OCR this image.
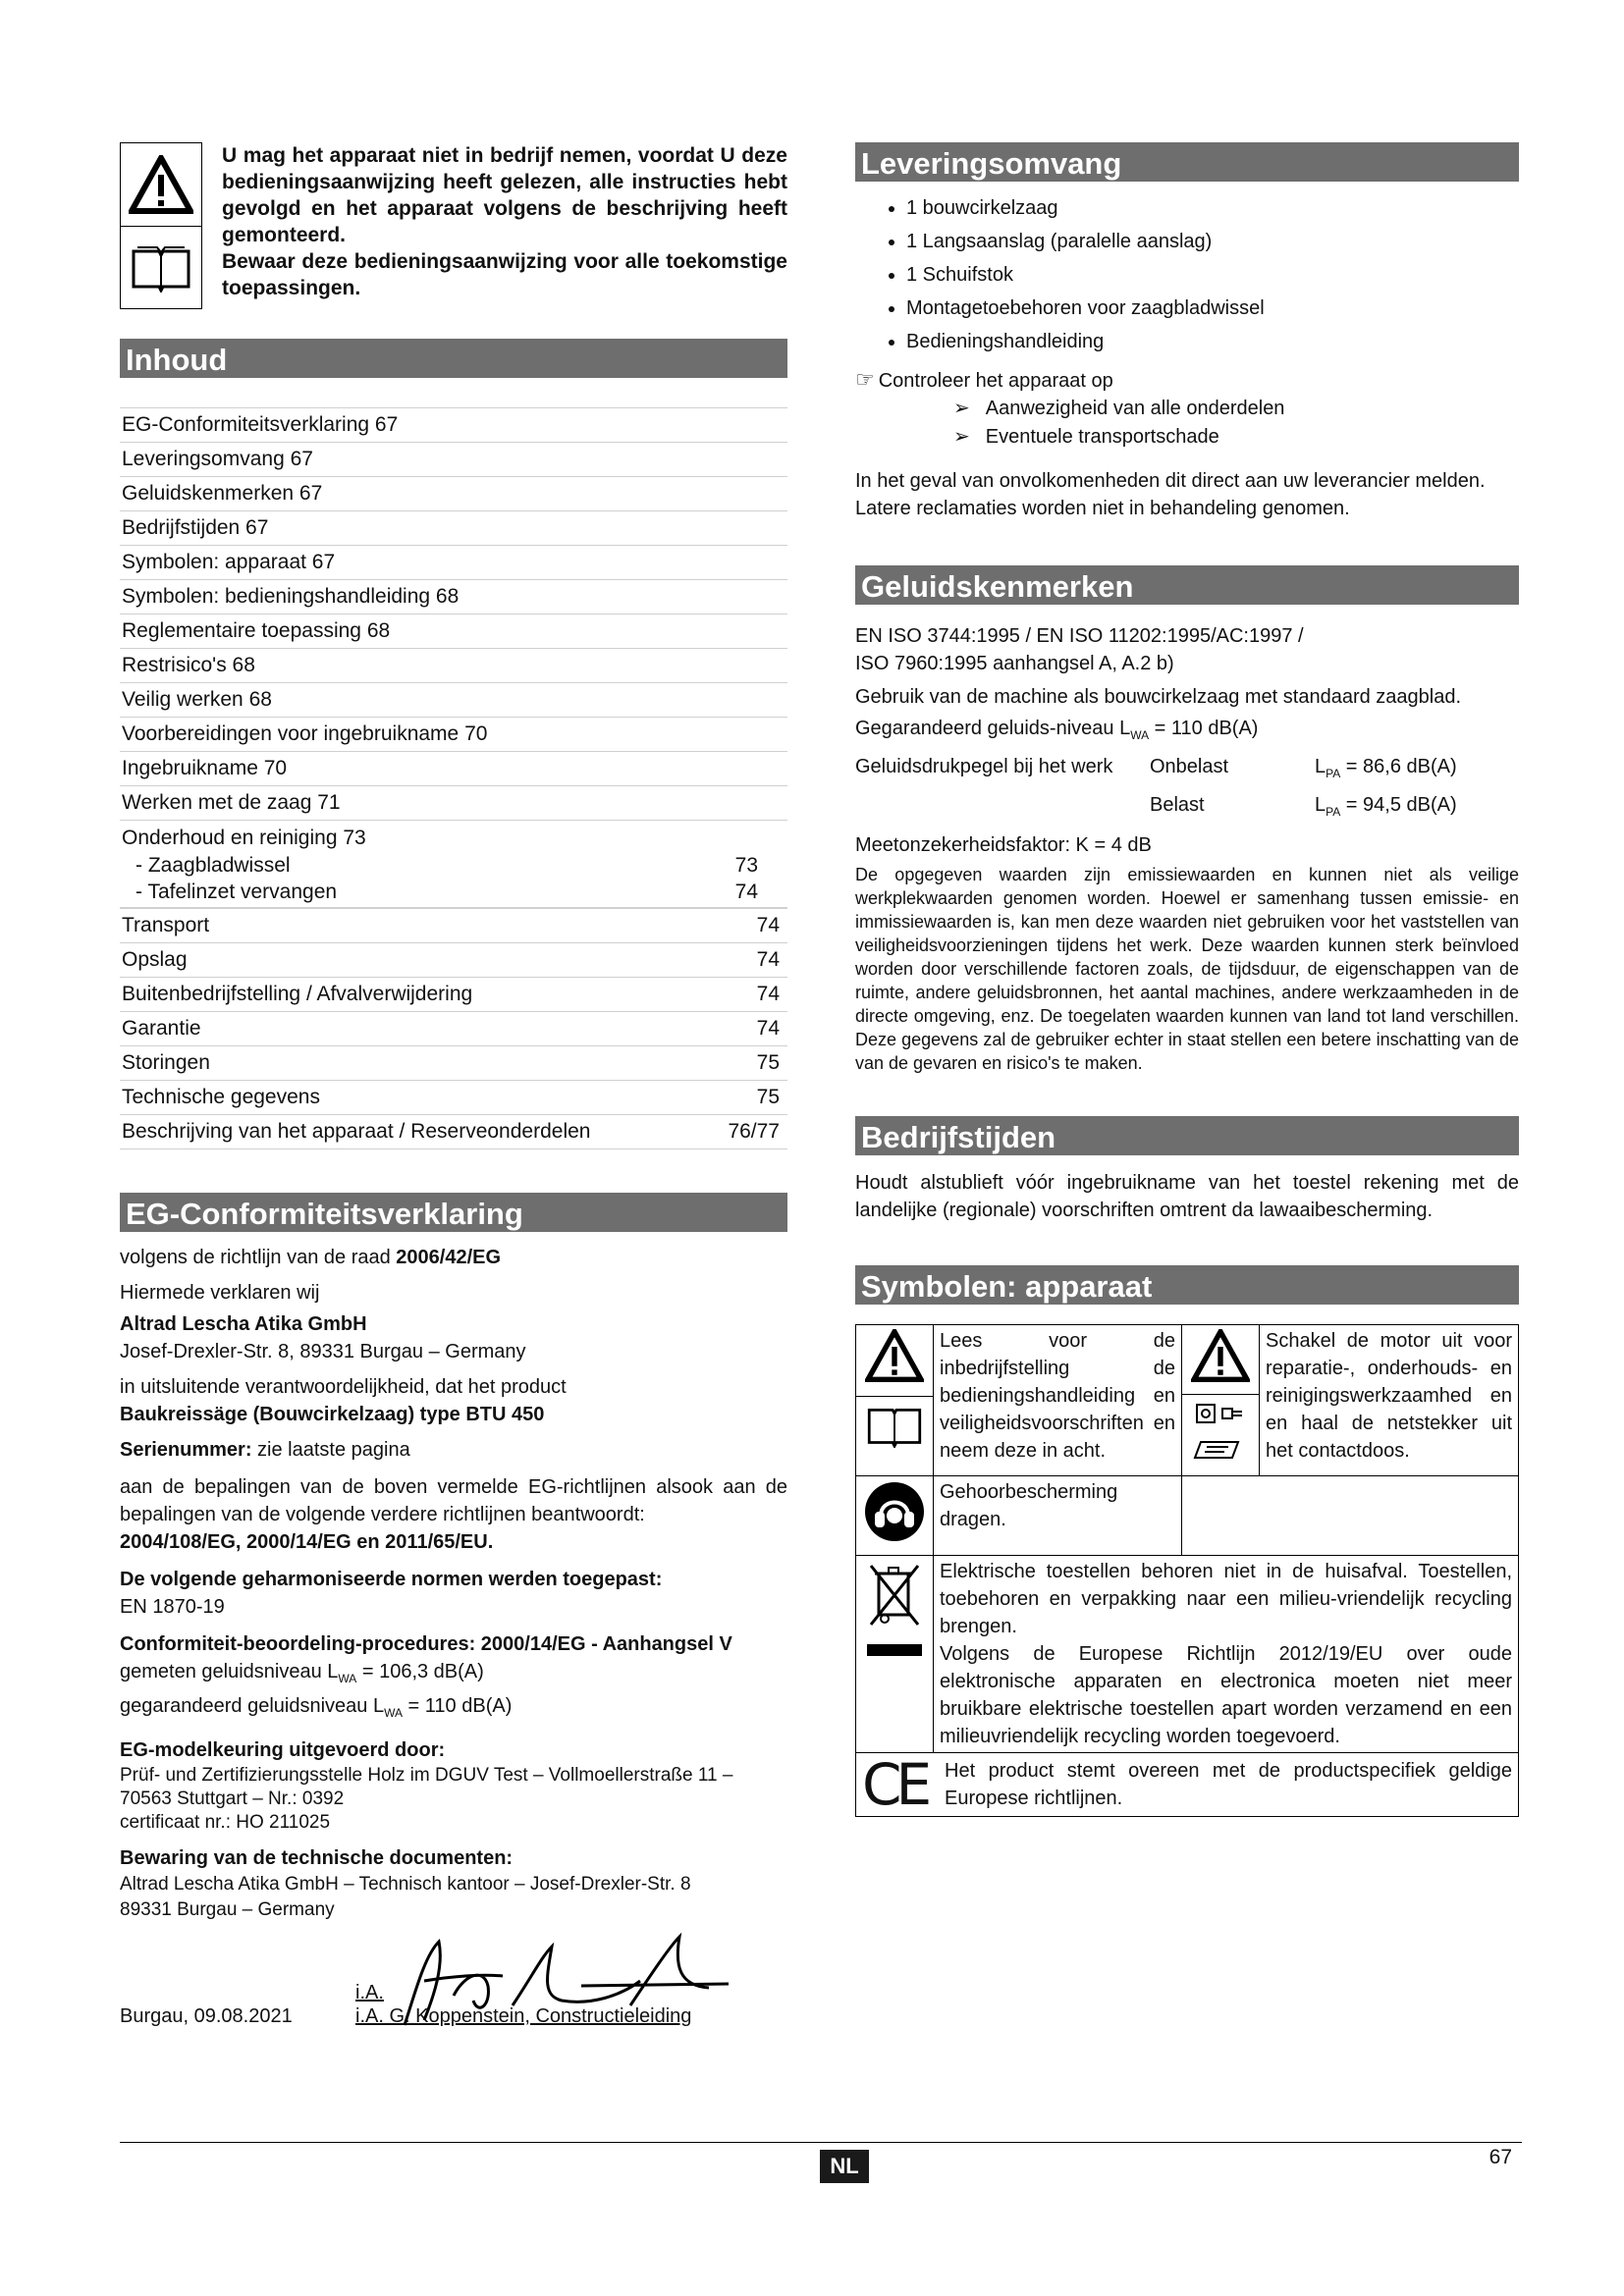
U mag het apparaat niet in bedrijf nemen, voordat U deze bedieningsaanwijzing heeft gelezen, alle instructies hebt gevolgd en het apparaat volgens de beschrijving heeft gemonteerd.

Bewaar deze bedieningsaanwijzing voor alle toekomstige toepassingen.

Inhoud
EG-Conformiteitsverklaring 67
Leveringsomvang 67
Geluidskenmerken 67
Bedrijfstijden 67
Symbolen: apparaat 67
Symbolen: bedieningshandleiding 68
Reglementaire toepassing 68
Restrisico's 68
Veilig werken 68
Voorbereidingen voor ingebruikname 70
Ingebruikname 70
Werken met de zaag 71
Onderhoud en reiniging 73
- Zaagbladwissel	73
- Tafelinzet vervangen	74
Transport	74
Opslag	74
Buitenbedrijfstelling / Afvalverwijdering	74
Garantie	74
Storingen	75
Technische gegevens	75
Beschrijving van het apparaat / Reserveonderdelen	76/77
EG-Conformiteitsverklaring

volgens de richtlijn van de raad 2006/42/EG

Hiermede verklaren wij

Altrad Lescha Atika GmbH

Josef-Drexler-Str. 8, 89331 Burgau – Germany

in uitsluitende verantwoordelijkheid, dat het product

Baukreissäge (Bouwcirkelzaag) type BTU 450

Serienummer: zie laatste pagina

aan de bepalingen van de boven vermelde EG-richtlijnen alsook aan de bepalingen van de volgende verdere richtlijnen beantwoordt:

2004/108/EG, 2000/14/EG en 2011/65/EU.

De volgende geharmoniseerde normen werden toegepast:

EN 1870-19

Conformiteit-beoordeling-procedures: 2000/14/EG - Aanhangsel V

gemeten geluidsniveau $L_{WA} = 106,3$ dB(A)

gegarandeerd geluidsniveau $L_{WA} = 110$ dB(A)

EG-modelkeuring uitgevoerd door:

Prüf- und Zertifizierungsstelle Holz im DGUV Test – Vollmoellerstraße 11 –

70563 Stuttgart – Nr.: 0392

certificaat nr.: HO 211025

Bewaring van de technische documenten:

Altrad Lescha Atika GmbH – Technisch kantoor – Josef-Drexler-Str. 8

89331 Burgau – Germany

Burgau, 09.08.2021
i.A.
i.A. G. Koppenstein, Constructieleiding
Leveringsomvang
• 1 bouwcirkelzaag
• 1 Langsaanslag (paralelle aanslag)
• 1 Schuifstok
• Montagetoebehoren voor zaagbladwissel
• Bedieningshandleiding

☞ Controleer het apparaat op

➢ Aanwezigheid van alle onderdelen
➢ Eventuele transportschade

In het geval van onvolkomenheden dit direct aan uw leverancier melden. Latere reclamaties worden niet in behandeling genomen.

Geluidskenmerken

EN ISO 3744:1995 / EN ISO 11202:1995/AC:1997 /

ISO 7960:1995 aanhangsel A, A.2 b)

Gebruik van de machine als bouwcirkelzaag met standaard zaagblad.

Gegarandeerd geluids-niveau $L_{WA} = 110$ dB(A)

Geluidsdrukpegel bij het werk	Onbelast	$L_{PA} = 86,6$ dB(A)
Belast	$L_{PA} = 94,5$ dB(A)

Meetonzekerheidsfaktor: K = 4 dB

De opgegeven waarden zijn emissiewaarden en kunnen niet als veilige werkplekwaarden genomen worden. Hoewel er samenhang tussen emissie- en immissiewaarden is, kan men deze waarden niet gebruiken voor het vaststellen van veiligheidsvoorzieningen tijdens het werk. Deze waarden kunnen sterk beïnvloed worden door verschillende factoren zoals, de tijdsduur, de eigenschappen van de ruimte, andere geluidsbronnen, het aantal machines, andere werkzaamheden in de directe omgeving, enz. De toegelaten waarden kunnen van land tot land verschillen. Deze gegevens zal de gebruiker echter in staat stellen een betere inschatting van de van de gevaren en risico's te maken.

Bedrijfstijden

Houdt alstublieft vóór ingebruikname van het toestel rekening met de landelijke (regionale) voorschriften omtrent da lawaaibescherming.

Symbolen: apparaat
	Lees voor de inbedrijfstelling de bedieningshandleiding en veiligheidsvoorschriften en neem deze in acht.		Schakel de motor uit voor reparatie-, onderhouds- en reinigingswerkzaamhed en en haal de netstekker uit het contactdoos.
	Gehoorbescherming dragen.		

Elektrische toestellen behoren niet in de huisafval. Toestellen, toebehoren en verpakking naar een milieu-vriendelijk recycling brengen.

Volgens de Europese Richtlijn 2012/19/EU over oude elektronische apparaten en electronica moeten niet meer bruikbare elektrische toestellen apart worden verzamend en een milieuvriendelijk recycling worden toegevoerd.		

CE Het product stemt overeen met de productspecifiek geldige Europese richtlijnen.			
NL	67
